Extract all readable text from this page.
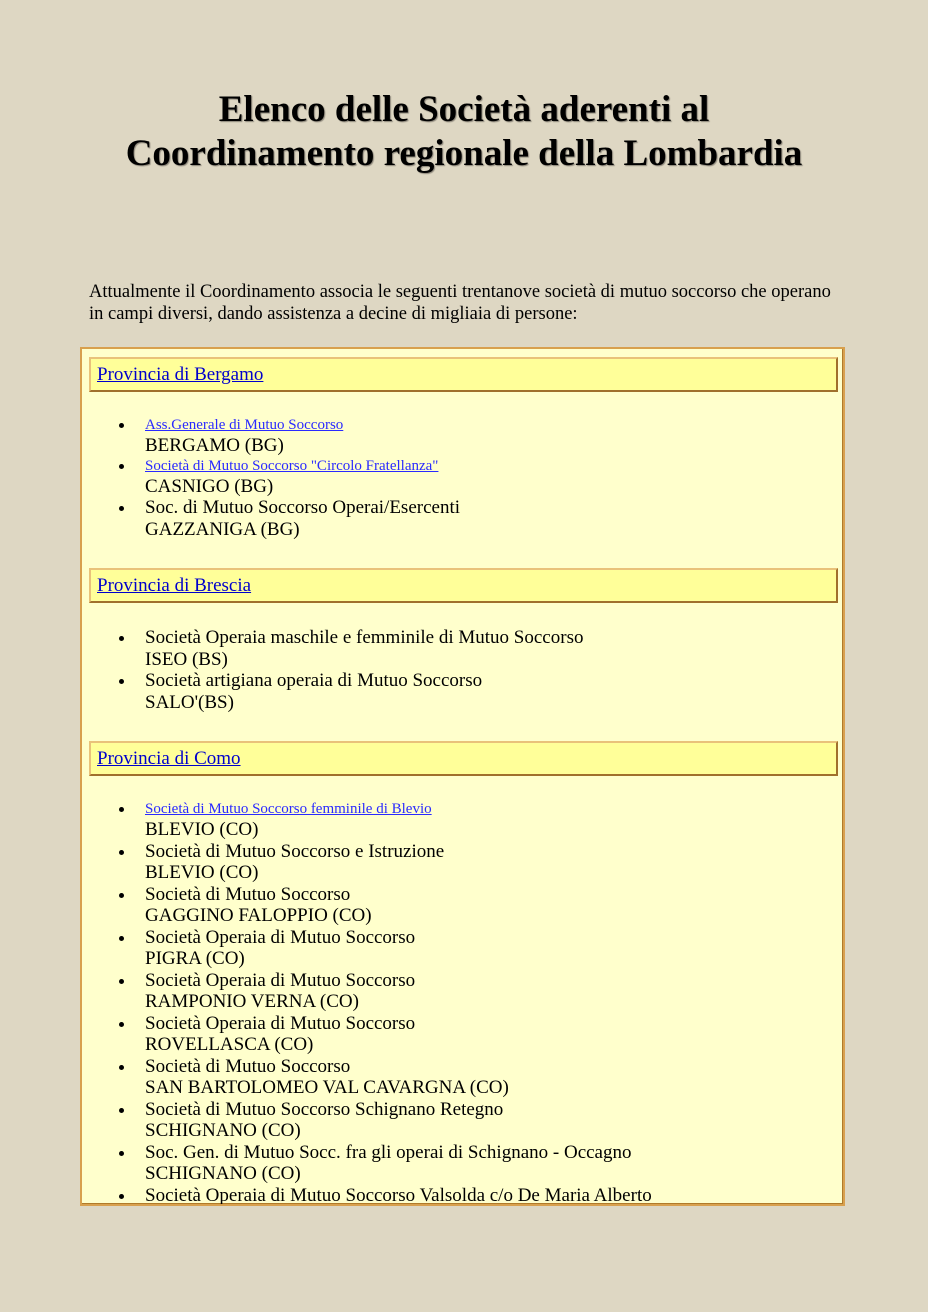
Elenco delle Società aderenti al
Coordinamento regionale della Lombardia

Attualmente il Coordinamento associa le seguenti trentanove società di mutuo soccorso che operano in campi diversi, dando assistenza a decine di migliaia di persone:

Provincia di Bergamo
Ass.Generale di Mutuo Soccorso
BERGAMO (BG)
Società di Mutuo Soccorso "Circolo Fratellanza"
CASNIGO (BG)
Soc. di Mutuo Soccorso Operai/Esercenti
GAZZANIGA (BG)
Provincia di Brescia
Società Operaia maschile e femminile di Mutuo Soccorso
ISEO (BS)
Società artigiana operaia di Mutuo Soccorso
SALO'(BS)
Provincia di Como
Società di Mutuo Soccorso femminile di Blevio
BLEVIO (CO)
Società di Mutuo Soccorso e Istruzione
BLEVIO (CO)
Società di Mutuo Soccorso
GAGGINO FALOPPIO (CO)
Società Operaia di Mutuo Soccorso
PIGRA (CO)
Società Operaia di Mutuo Soccorso
RAMPONIO VERNA (CO)
Società Operaia di Mutuo Soccorso
ROVELLASCA (CO)
Società di Mutuo Soccorso
SAN BARTOLOMEO VAL CAVARGNA (CO)
Società di Mutuo Soccorso Schignano Retegno
SCHIGNANO (CO)
Soc. Gen. di Mutuo Socc. fra gli operai di Schignano - Occagno
SCHIGNANO (CO)
Società Operaia di Mutuo Soccorso Valsolda c/o De Maria Alberto
